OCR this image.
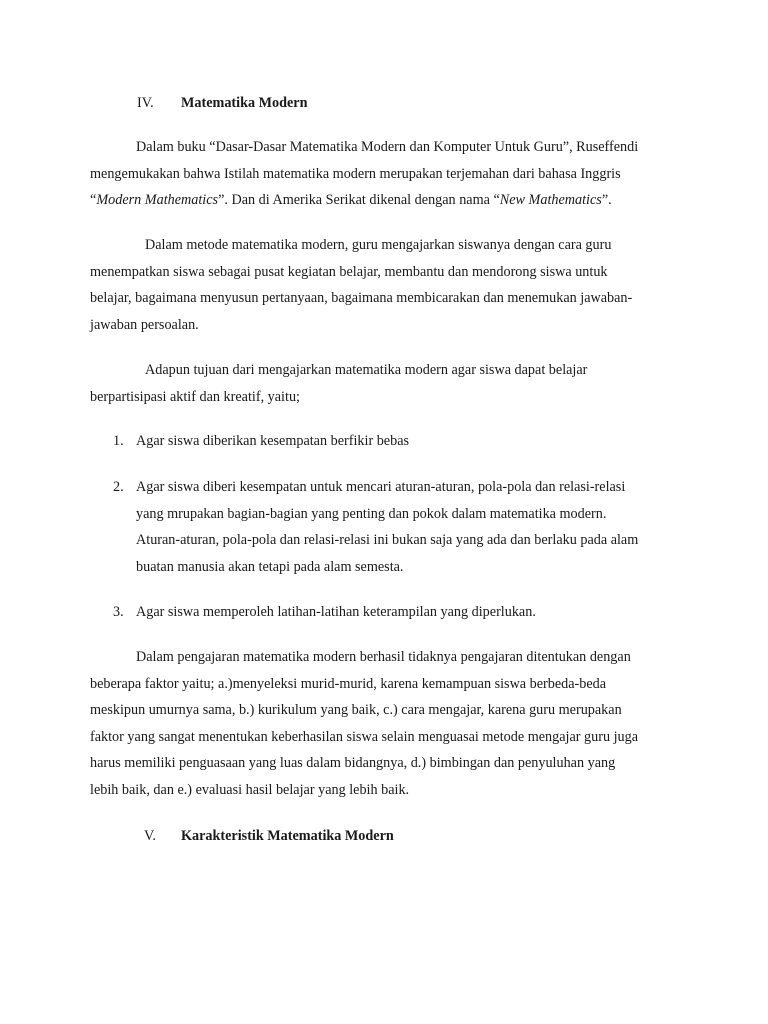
IV. Matematika Modern
Dalam buku “Dasar-Dasar Matematika Modern dan Komputer Untuk Guru”, Ruseffendi
mengemukakan bahwa Istilah matematika modern merupakan terjemahan dari bahasa Inggris
“Modern Mathematics”. Dan di Amerika Serikat dikenal dengan nama “New Mathematics”.
Dalam metode matematika modern, guru mengajarkan siswanya dengan cara guru
menempatkan siswa sebagai pusat kegiatan belajar, membantu dan mendorong siswa untuk
belajar, bagaimana menyusun pertanyaan, bagaimana membicarakan dan menemukan jawaban-
jawaban persoalan.
Adapun tujuan dari mengajarkan matematika modern agar siswa dapat belajar
berpartisipasi aktif dan kreatif, yaitu;
1. Agar siswa diberikan kesempatan berfikir bebas
2. Agar siswa diberi kesempatan untuk mencari aturan-aturan, pola-pola dan relasi-relasi
yang mrupakan bagian-bagian yang penting dan pokok dalam matematika modern.
Aturan-aturan, pola-pola dan relasi-relasi ini bukan saja yang ada dan berlaku pada alam
buatan manusia akan tetapi pada alam semesta.
3. Agar siswa memperoleh latihan-latihan keterampilan yang diperlukan.
Dalam pengajaran matematika modern berhasil tidaknya pengajaran ditentukan dengan
beberapa faktor yaitu; a.)menyeleksi murid-murid, karena kemampuan siswa berbeda-beda
meskipun umurnya sama, b.) kurikulum yang baik, c.) cara mengajar, karena guru merupakan
faktor yang sangat menentukan keberhasilan siswa selain menguasai metode mengajar guru juga
harus memiliki penguasaan yang luas dalam bidangnya, d.) bimbingan dan penyuluhan yang
lebih baik, dan e.) evaluasi hasil belajar yang lebih baik.
V. Karakteristik Matematika Modern
